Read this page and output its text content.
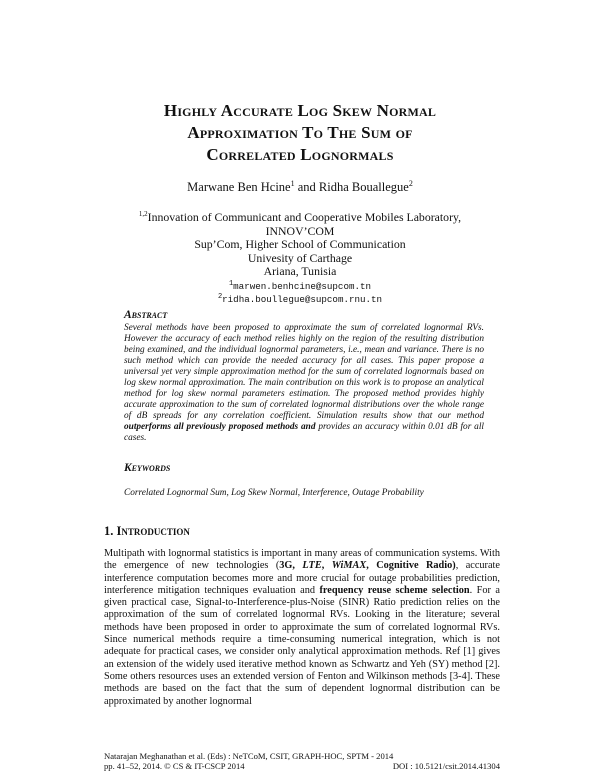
Highly Accurate Log Skew Normal
Approximation To The Sum of
Correlated Lognormals
Marwane Ben Hcine$^1$ and Ridha Bouallegue$^2$
$^{1,2}$Innovation of Communicant and Cooperative Mobiles Laboratory,
INNOV’COM
Sup’Com, Higher School of Communication
Univesity of Carthage
Ariana, Tunisia
$^1$marwen.benhcine@supcom.tn
$^2$ridha.boullegue@supcom.rnu.tn
Abstract

Several methods have been proposed to approximate the sum of correlated lognormal RVs. However the accuracy of each method relies highly on the region of the resulting distribution being examined, and the individual lognormal parameters, i.e., mean and variance. There is no such method which can provide the needed accuracy for all cases. This paper propose a universal yet very simple approximation method for the sum of correlated lognormals based on log skew normal approximation. The main contribution on this work is to propose an analytical method for log skew normal parameters estimation. The proposed method provides highly accurate approximation to the sum of correlated lognormal distributions over the whole range of dB spreads for any correlation coefficient. Simulation results show that our method outperforms all previously proposed methods and provides an accuracy within 0.01 dB for all cases.

Keywords
Correlated Lognormal Sum, Log Skew Normal, Interference, Outage Probability
1. Introduction

Multipath with lognormal statistics is important in many areas of communication systems. With the emergence of new technologies (3G, LTE, WiMAX, Cognitive Radio), accurate interference computation becomes more and more crucial for outage probabilities prediction, interference mitigation techniques evaluation and frequency reuse scheme selection. For a given practical case, Signal-to-Interference-plus-Noise (SINR) Ratio prediction relies on the approximation of the sum of correlated lognormal RVs. Looking in the literature; several methods have been proposed in order to approximate the sum of correlated lognormal RVs. Since numerical methods require a time-consuming numerical integration, which is not adequate for practical cases, we consider only analytical approximation methods. Ref [1] gives an extension of the widely used iterative method known as Schwartz and Yeh (SY) method [2]. Some others resources uses an extended version of Fenton and Wilkinson methods [3-4]. These methods are based on the fact that the sum of dependent lognormal distribution can be approximated by another lognormal

Natarajan Meghanathan et al. (Eds) : NeTCoM, CSIT, GRAPH-HOC, SPTM - 2014
pp. 41–52, 2014. © CS & IT-CSCP 2014	DOI : 10.5121/csit.2014.41304
